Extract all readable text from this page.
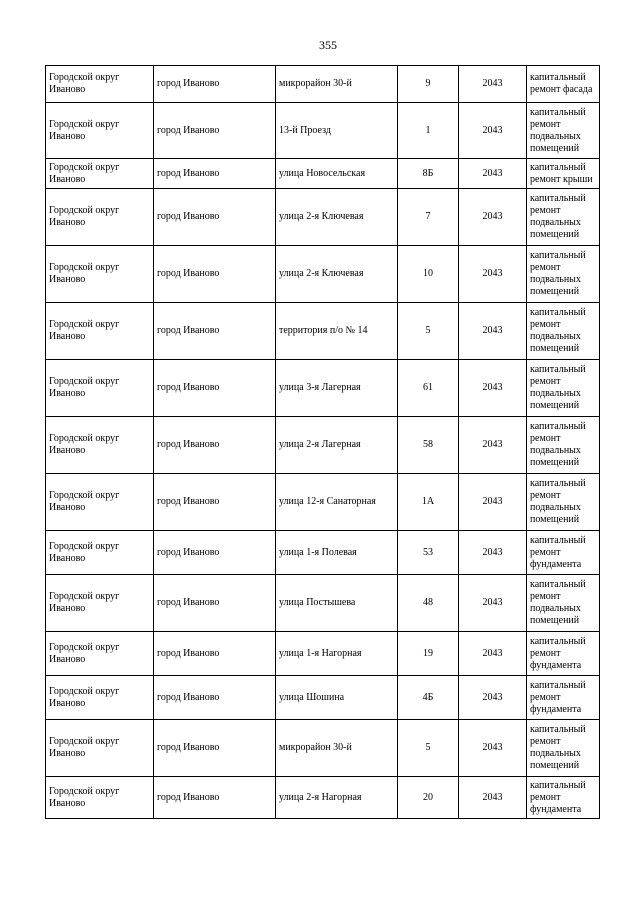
355
Городской округ Иваново	город Иваново	микрорайон 30-й	9	2043	капитальный ремонт фасада
Городской округ Иваново	город Иваново	13-й Проезд	1	2043	капитальный ремонт подвальных помещений
Городской округ Иваново	город Иваново	улица Новосельская	8Б	2043	капитальный ремонт крыши
Городской округ Иваново	город Иваново	улица 2-я Ключевая	7	2043	капитальный ремонт подвальных помещений
Городской округ Иваново	город Иваново	улица 2-я Ключевая	10	2043	капитальный ремонт подвальных помещений
Городской округ Иваново	город Иваново	территория п/о № 14	5	2043	капитальный ремонт подвальных помещений
Городской округ Иваново	город Иваново	улица 3-я Лагерная	61	2043	капитальный ремонт подвальных помещений
Городской округ Иваново	город Иваново	улица 2-я Лагерная	58	2043	капитальный ремонт подвальных помещений
Городской округ Иваново	город Иваново	улица 12-я Санаторная	1А	2043	капитальный ремонт подвальных помещений
Городской округ Иваново	город Иваново	улица 1-я Полевая	53	2043	капитальный ремонт фундамента
Городской округ Иваново	город Иваново	улица Постышева	48	2043	капитальный ремонт подвальных помещений
Городской округ Иваново	город Иваново	улица 1-я Нагорная	19	2043	капитальный ремонт фундамента
Городской округ Иваново	город Иваново	улица Шошина	4Б	2043	капитальный ремонт фундамента
Городской округ Иваново	город Иваново	микрорайон 30-й	5	2043	капитальный ремонт подвальных помещений
Городской округ Иваново	город Иваново	улица 2-я Нагорная	20	2043	капитальный ремонт фундамента
